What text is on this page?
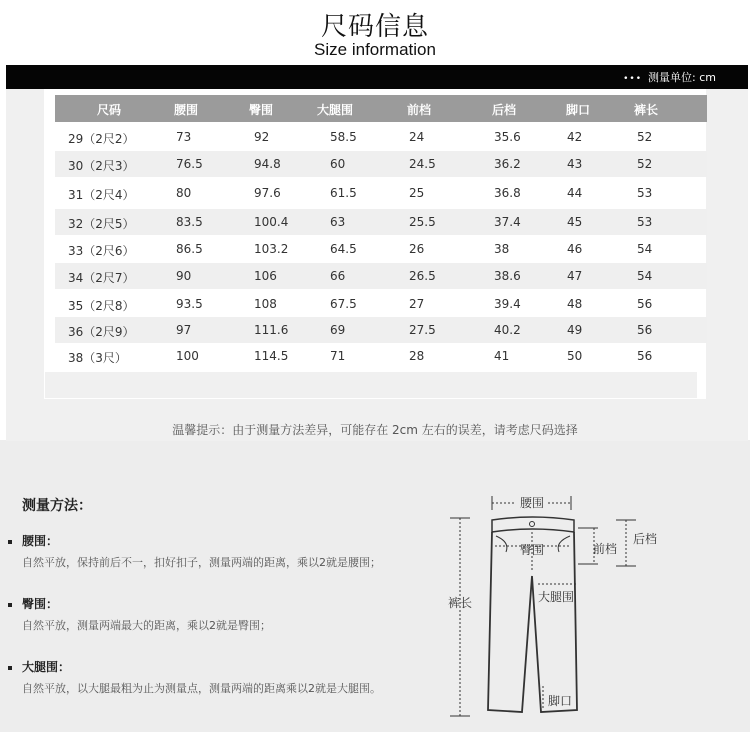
尺码信息
Size information
••• 测量单位: cm
尺码	腰围	臀围	大腿围	前档	后档	脚口	裤长
29（2尺2）	73	92	58.5	24	35.6	42	52
30（2尺3）	76.5	94.8	60	24.5	36.2	43	52
31（2尺4）	80	97.6	61.5	25	36.8	44	53
32（2尺5）	83.5	100.4	63	25.5	37.4	45	53
33（2尺6）	86.5	103.2	64.5	26	38	46	54
34（2尺7）	90	106	66	26.5	38.6	47	54
35（2尺8）	93.5	108	67.5	27	39.4	48	56
36（2尺9）	97	111.6	69	27.5	40.2	49	56
38（3尺）	100	114.5	71	28	41	50	56
温馨提示：由于测量方法差异，可能存在 2cm 左右的误差，请考虑尺码选择
测量方法：
腰围：
自然平放，保持前后不一，扣好扣子，测量两端的距离，乘以2就是腰围；
臀围：
自然平放，测量两端最大的距离，乘以2就是臀围；
大腿围：
自然平放，以大腿最粗为止为测量点，测量两端的距离乘以2就是大腿围。
腰围
臀围	前档
后档
大腿围
裤长
脚口
